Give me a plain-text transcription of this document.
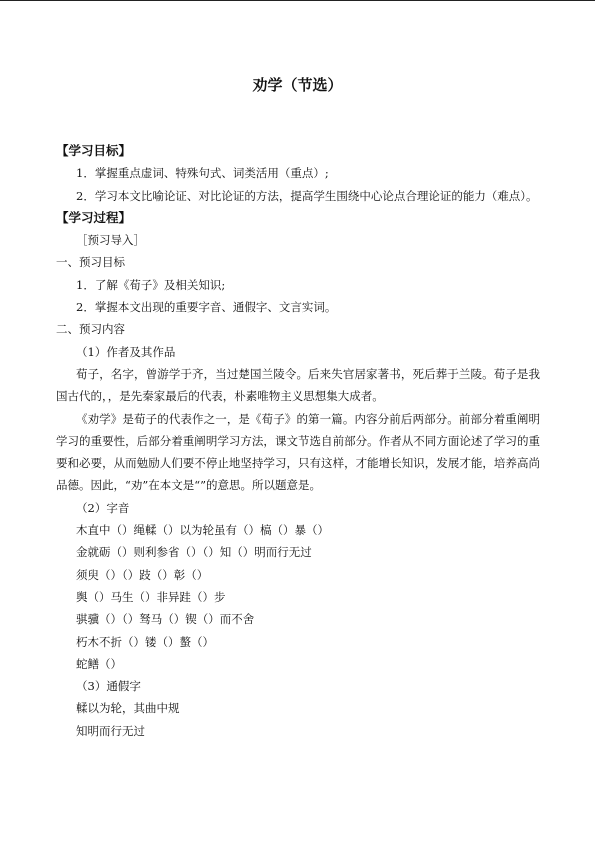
劝学（节选）

【学习目标】

1．掌握重点虚词、特殊句式、词类活用（重点）;

2．学习本文比喻论证、对比论证的方法，提高学生围绕中心论点合理论证的能力（难点）。

【学习过程】

［预习导入］

一、预习目标

1．了解《荀子》及相关知识;

2．掌握本文出现的重要字音、通假字、文言实词。

二、预习内容

（1）作者及其作品

荀子，名字，曾游学于齐，当过楚国兰陵令。后来失官居家著书，死后葬于兰陵。荀子是我国古代的，，是先秦家最后的代表，朴素唯物主义思想集大成者。

《劝学》是荀子的代表作之一，是《荀子》的第一篇。内容分前后两部分。前部分着重阐明学习的重要性，后部分着重阐明学习方法，课文节选自前部分。作者从不同方面论述了学习的重要和必要，从而勉励人们要不停止地坚持学习，只有这样，才能增长知识，发展才能，培养高尚品德。因此，“劝”在本文是“”的意思。所以题意是。

（2）字音

木直中（）绳輮（）以为轮虽有（）槁（）暴（）

金就砺（）则利参省（）（）知（）明而行无过

须臾（）（）跂（）彰（）

舆（）马生（）非异跬（）步

骐骥（）（）驽马（）锲（）而不舍

朽木不折（）镂（）螯（）

蛇鳝（）

（3）通假字

輮以为轮，其曲中规

知明而行无过
